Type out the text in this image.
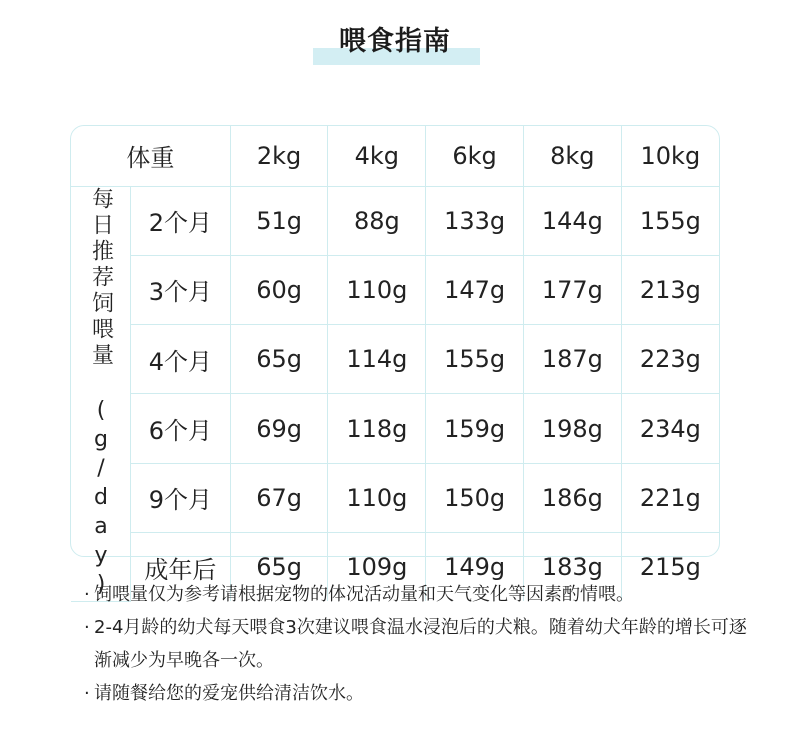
喂食指南
体重		2kg	4kg	6kg	8kg	10kg
每日推荐饲喂量 (g/day)	2个月	51g	88g	133g	144g	155g
	3个月	60g	110g	147g	177g	213g
	4个月	65g	114g	155g	187g	223g
	6个月	69g	118g	159g	198g	234g
	9个月	67g	110g	150g	186g	221g
	成年后	65g	109g	149g	183g	215g
· 饲喂量仅为参考请根据宠物的体况活动量和天气变化等因素酌情喂。
· 2-4月龄的幼犬每天喂食3次建议喂食温水浸泡后的犬粮。随着幼犬年龄的增长可逐渐减少为早晚各一次。
· 请随餐给您的爱宠供给清洁饮水。
